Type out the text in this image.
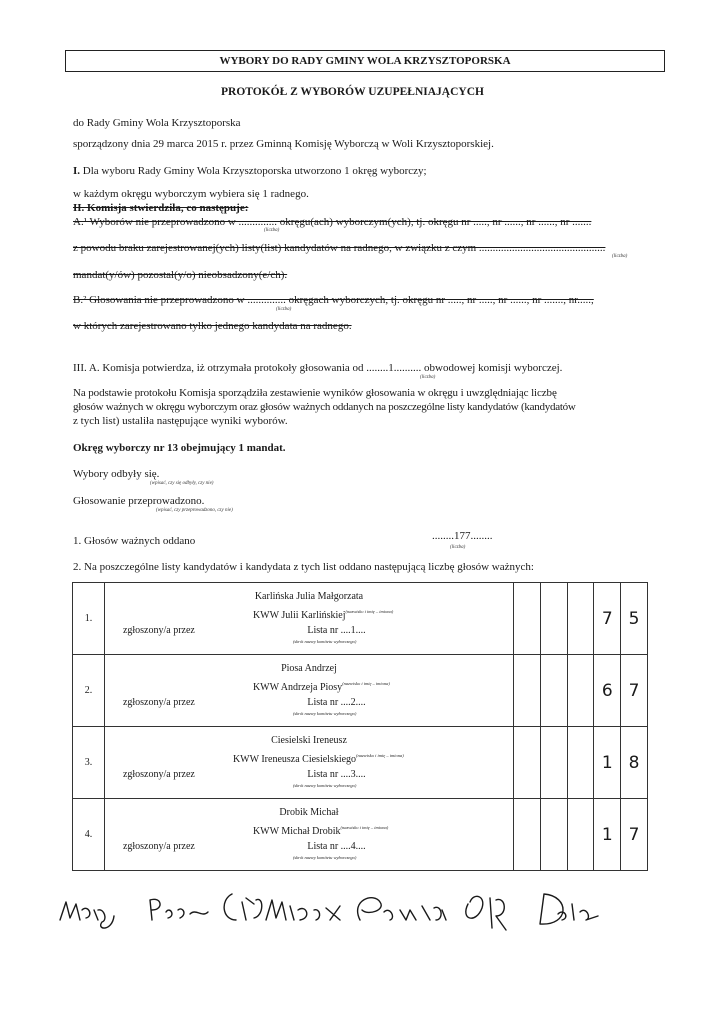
WYBORY DO RADY GMINY WOLA KRZYSZTOPORSKA
PROTOKÓŁ Z WYBORÓW UZUPEŁNIAJĄCYCH
do Rady Gminy Wola Krzysztoporska
sporządzony dnia 29 marca 2015 r. przez Gminną Komisję Wyborczą w Woli Krzysztoporskiej.
I. Dla wyboru Rady Gminy Wola Krzysztoporska utworzono 1 okręg wyborczy;
w każdym okręgu wyborczym wybiera się 1 radnego.
II. Komisja stwierdziła, co następuje:
A.¹ Wyborów nie przeprowadzono w .............. okręgu(ach) wyborczym(ych), tj. okręgu nr ....., nr ......, nr ......, nr .......
(liczba)
z powodu braku zarejestrowanej(ych) listy(list) kandydatów na radnego, w związku z czym ..............................................
(liczba)
mandat(y/ów) pozostał(y/o) nieobsadzony(e/ch).
B.² Głosowania nie przeprowadzono w .............. okręgach wyborczych, tj. okręgu nr ....., nr ....., nr ......, nr ......., nr.....,
(liczba)
w których zarejestrowano tylko jednego kandydata na radnego.
III. A. Komisja potwierdza, iż otrzymała protokoły głosowania od ........1.......... obwodowej komisji wyborczej.
(liczba)
Na podstawie protokołu Komisja sporządziła zestawienie wyników głosowania w okręgu i uwzględniając liczbę
głosów ważnych w okręgu wyborczym oraz głosów ważnych oddanych na poszczególne listy kandydatów (kandydatów
z tych list) ustaliła następujące wyniki wyborów.
Okręg wyborczy nr 13 obejmujący 1 mandat.
Wybory odbyły się.
(wpisać, czy się odbyły, czy nie)
Głosowanie przeprowadzono.
(wpisać, czy przeprowadzono, czy nie)
1. Głosów ważnych oddano	........177........
(liczba)
2. Na poszczególne listy kandydatów i kandydata z tych list oddano następującą liczbę głosów ważnych:
1.	Karlińska Julia Małgorzata
KWW Julii Karlińskiej$^{(nazwisko i imię - imiona)}$
zgłoszony/a przez Lista nr ....1....
(skrót nazwy komitetu wyborczego)				7	5
2.	Piosa Andrzej
KWW Andrzeja Piosy$^{(nazwisko i imię - imiona)}$
zgłoszony/a przez Lista nr ....2....
(skrót nazwy komitetu wyborczego)				6	7
3.	Ciesielski Ireneusz
KWW Ireneusza Ciesielskiego$^{(nazwisko i imię - imiona)}$
zgłoszony/a przez Lista nr ....3....
(skrót nazwy komitetu wyborczego)				1	8
4.	Drobik Michał
KWW Michał Drobik$^{(nazwisko i imię - imiona)}$
zgłoszony/a przez Lista nr ....4....
(skrót nazwy komitetu wyborczego)				1	7
